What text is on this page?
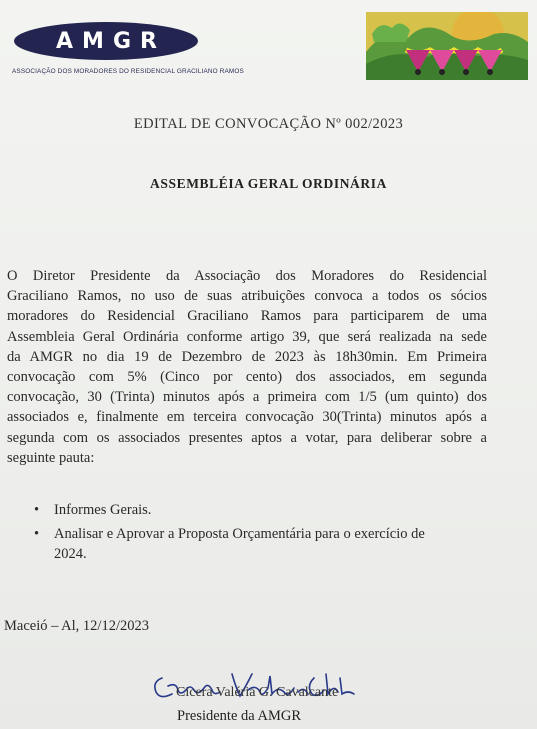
AMGR
ASSOCIAÇÃO DOS MORADORES DO RESIDENCIAL GRACILIANO RAMOS
EDITAL DE CONVOCAÇÃO Nº 002/2023
ASSEMBLÉIA GERAL ORDINÁRIA
O Diretor Presidente da Associação dos Moradores do Residencial
Graciliano Ramos, no uso de suas atribuições convoca a todos os sócios
moradores do Residencial Graciliano Ramos para participarem de uma
Assembleia Geral Ordinária conforme artigo 39, que será realizada na sede
da AMGR no dia 19 de Dezembro de 2023 às 18h30min. Em Primeira
convocação com 5% (Cinco por cento) dos associados, em segunda
convocação, 30 (Trinta) minutos após a primeira com 1/5 (um quinto) dos
associados e, finalmente em terceira convocação 30(Trinta) minutos após a
segunda com os associados presentes aptos a votar, para deliberar sobre a
seguinte pauta:
• Informes Gerais.
• Analisar e Aprovar a Proposta Orçamentária para o exercício de
2024.
Maceió – Al, 12/12/2023
Cicera Valéria G. Cavalcante
Presidente da AMGR
